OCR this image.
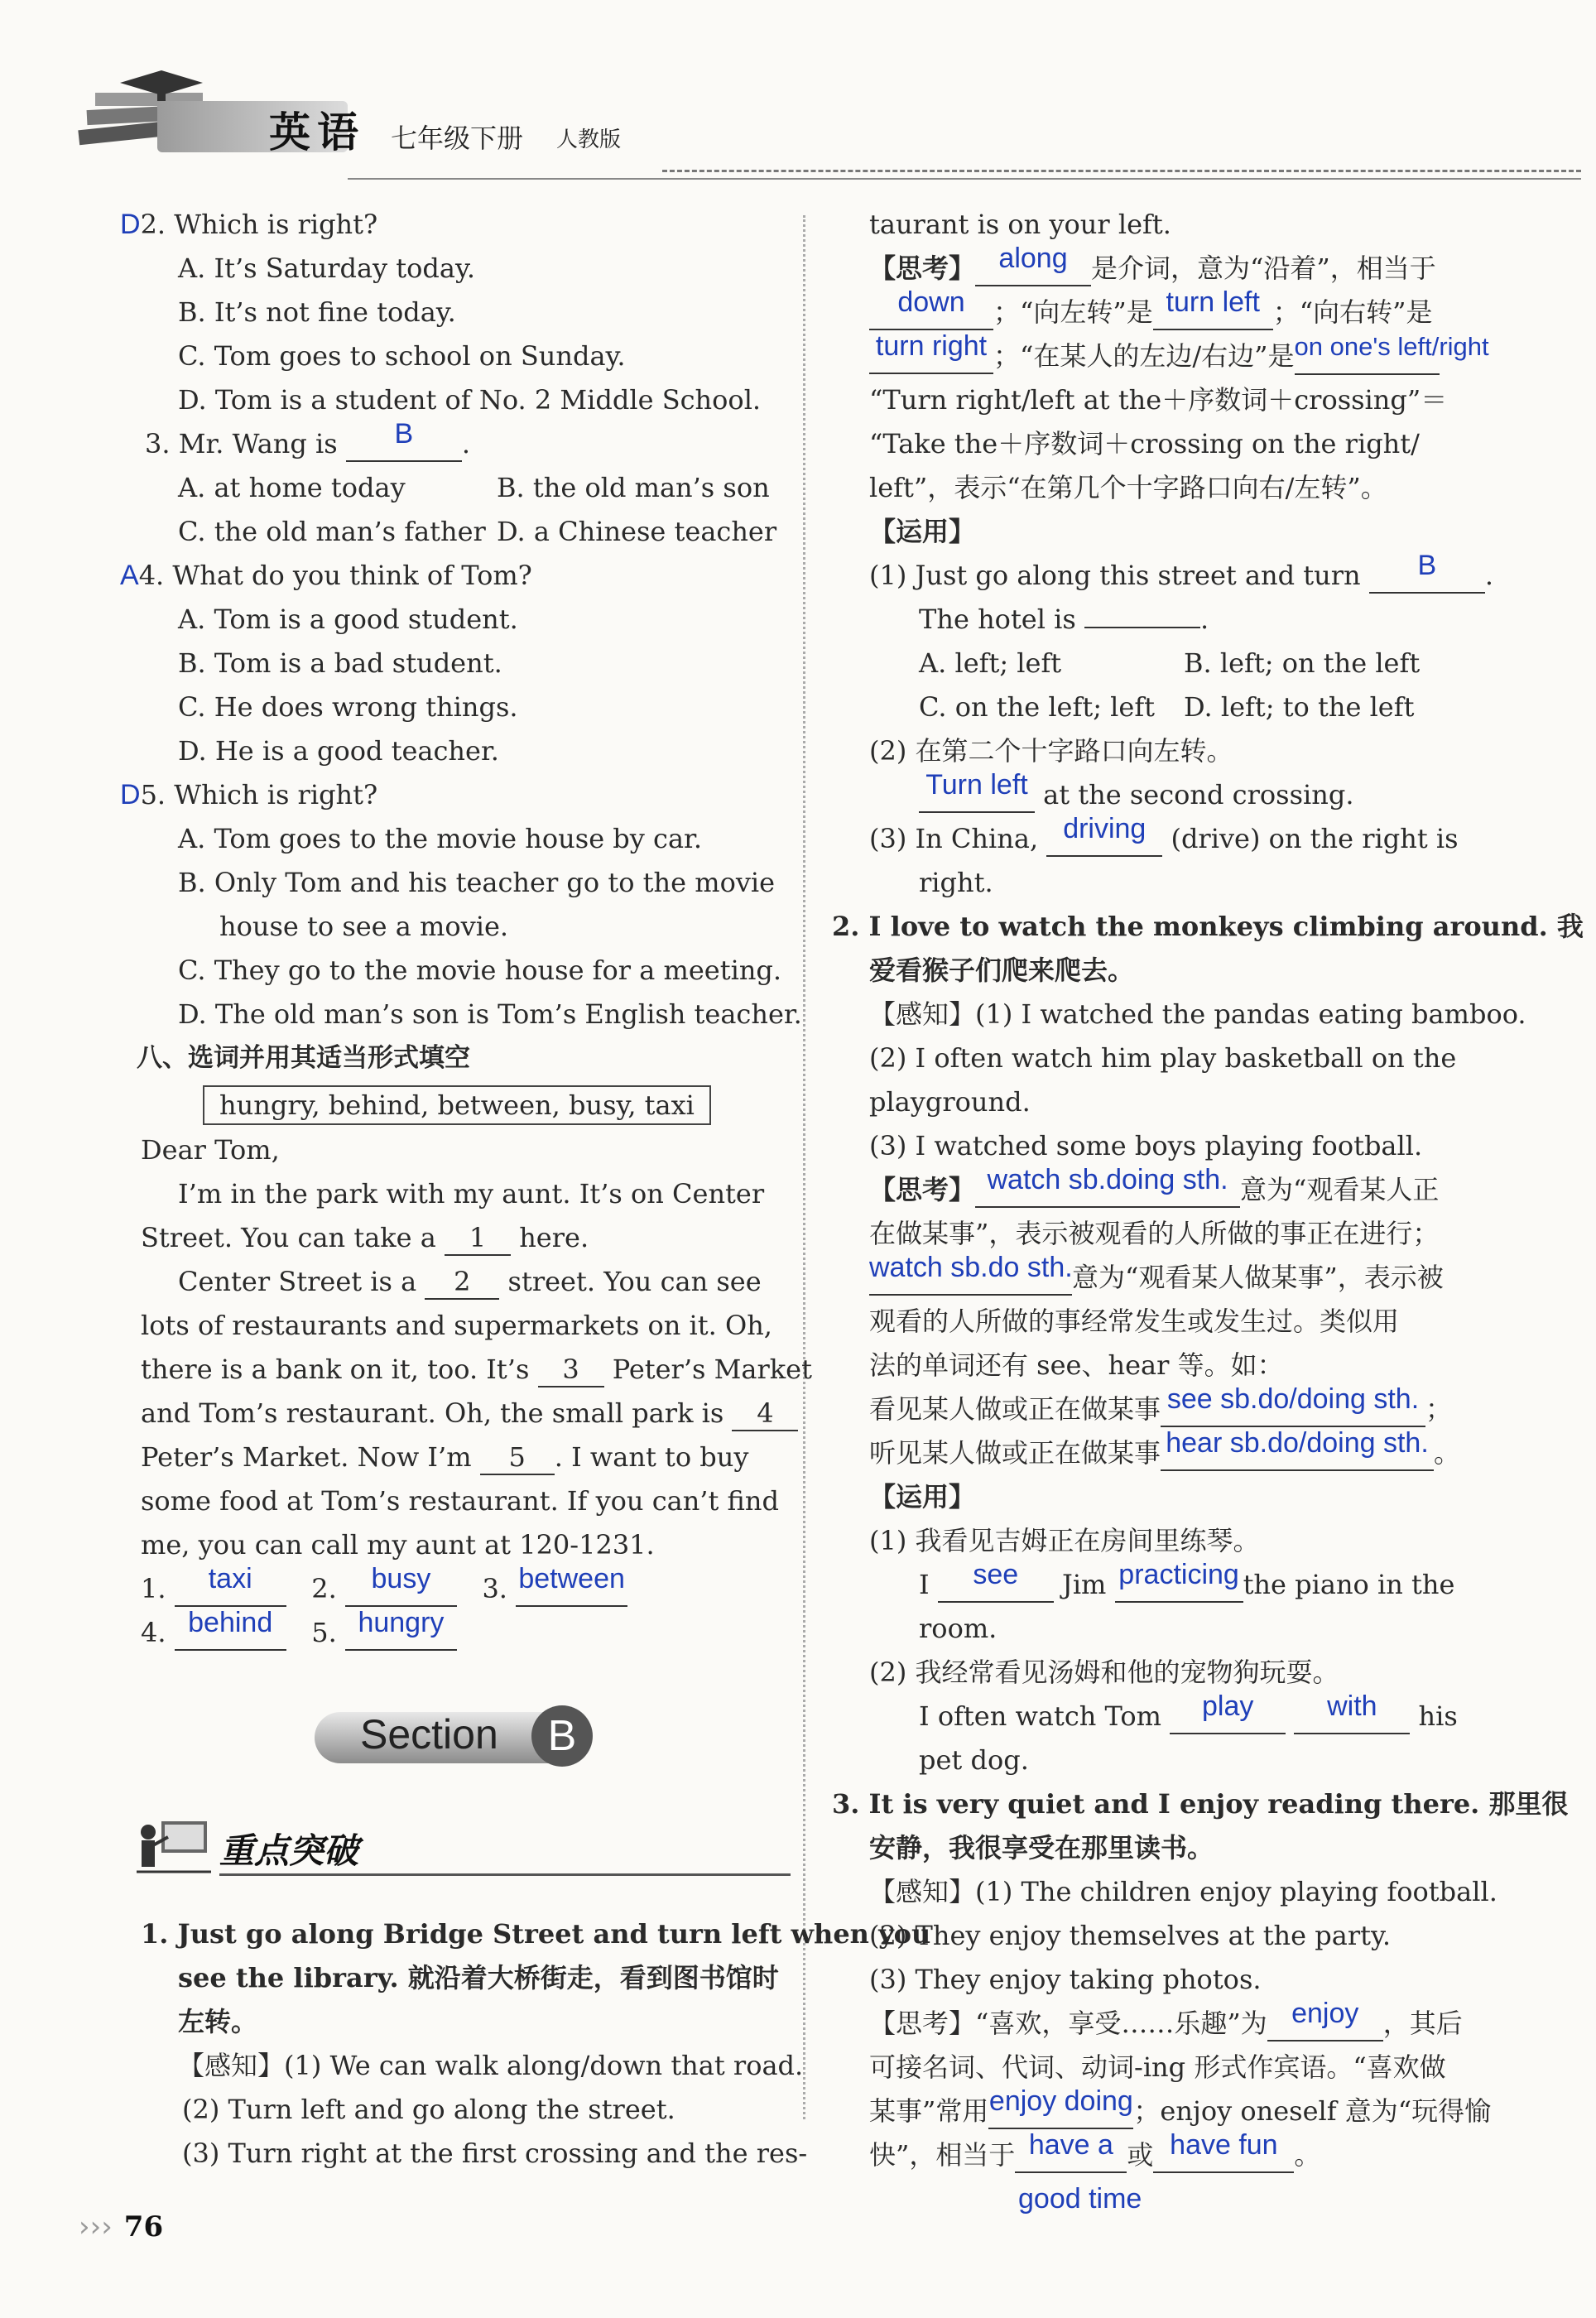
英语 七年级下册 人教版
D2. Which is right?
A. It’s Saturday today.
B. It’s not fine today.
C. Tom goes to school on Sunday.
D. Tom is a student of No. 2 Middle School.
3. Mr. Wang is B .
A. at home today	B. the old man’s son
C. the old man’s father D. a Chinese teacher
A4. What do you think of Tom?
A. Tom is a good student.
B. Tom is a bad student.
C. He does wrong things.
D. He is a good teacher.
D5. Which is right?
A. Tom goes to the movie house by car.
B. Only Tom and his teacher go to the movie
house to see a movie.
C. They go to the movie house for a meeting.
D. The old man’s son is Tom’s English teacher.
八、选词并用其适当形式填空
hungry, behind, between, busy, taxi
Dear Tom,
I’m in the park with my aunt. It’s on Center
Street. You can take a 1 here.
Center Street is a 2 street. You can see
lots of restaurants and supermarkets on it. Oh,
there is a bank on it, too. It’s 3 Peter’s Market
and Tom’s restaurant. Oh, the small park is 4
Peter’s Market. Now I’m 5 . I want to buy
some food at Tom’s restaurant. If you can’t find
me, you can call my aunt at 120-1231.
1. taxi 2. busy 3. between
4. behind 5. hungry
Section	B
重点突破
1. Just go along Bridge Street and turn left when you
see the library. 就沿着大桥街走，看到图书馆时
左转。
【感知】(1) We can walk along/down that road.
(2) Turn left and go along the street.
(3) Turn right at the first crossing and the res-
taurant is on your left.
【思考】 along 是介词，意为“沿着”，相当于
down ；“向左转”是 turn left ；“向右转”是
turn right ；“在某人的左边/右边”是on one's left/right
“Turn right/left at the＋序数词＋crossing”＝
“Take the＋序数词＋crossing on the right/
left”，表示“在第几个十字路口向右/左转”。
【运用】
(1) Just go along this street and turn B .
The hotel is	.
A. left; left	B. left; on the left
C. on the left; left D. left; to the left
(2) 在第二个十字路口向左转。
Turn left at the second crossing.
(3) In China, driving (drive) on the right is
right.
2. I love to watch the monkeys climbing around. 我
爱看猴子们爬来爬去。
【感知】(1) I watched the pandas eating bamboo.
(2) I often watch him play basketball on the
playground.
(3) I watched some boys playing football.
【思考】 watch sb.doing sth. 意为“观看某人正
在做某事”，表示被观看的人所做的事正在进行；
watch sb.do sth.意为“观看某人做某事”，表示被
观看的人所做的事经常发生或发生过。类似用
法的单词还有 see、hear 等。如：
看见某人做或正在做某事 see sb.do/doing sth. ；
听见某人做或正在做某事 hear sb.do/doing sth. 。
【运用】
(1) 我看见吉姆正在房间里练琴。
I see Jim practicing the piano in the
room.
(2) 我经常看见汤姆和他的宠物狗玩耍。
I often watch Tom play	with his
pet dog.
3. It is very quiet and I enjoy reading there. 那里很
安静，我很享受在那里读书。
【感知】(1) The children enjoy playing football.
(2) They enjoy themselves at the party.
(3) They enjoy taking photos.
【思考】“喜欢，享受……乐趣”为 enjoy ，其后
可接名词、代词、动词-ing 形式作宾语。“喜欢做
某事”常用enjoy doing；enjoy oneself 意为“玩得愉
快”，相当于 have a 或 have fun 。
good time
››› 76
